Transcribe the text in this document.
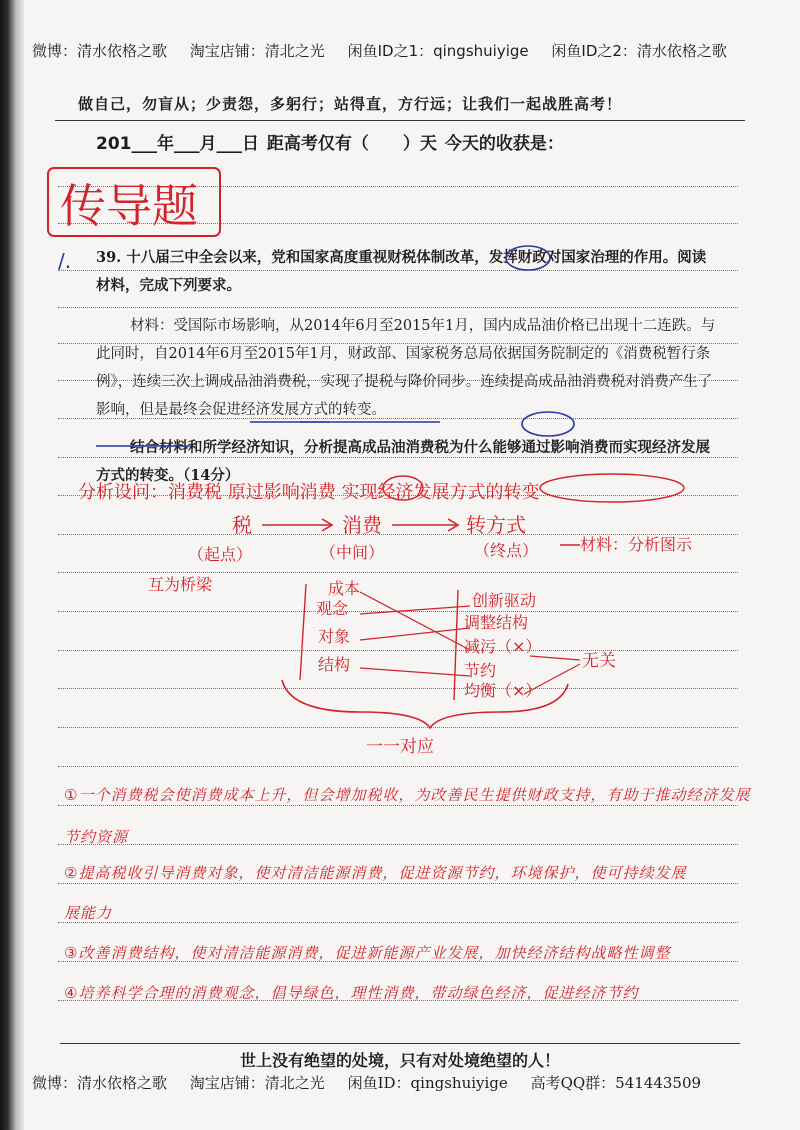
微博：清水依格之歌 淘宝店铺：清北之光 闲鱼ID之1：qingshuiyige 闲鱼ID之2：清水依格之歌
做自己，勿盲从；少责怨，多躬行；站得直，方行远；让我们一起战胜高考！
201___年___月___日 距高考仅有（　　）天 今天的收获是：

39. 十八届三中全会以来，党和国家高度重视财税体制改革，发挥财政对国家治理的作用。阅读材料，完成下列要求。

材料：受国际市场影响，从2014年6月至2015年1月，国内成品油价格已出现十二连跌。与此同时，自2014年6月至2015年1月，财政部、国家税务总局依据国务院制定的《消费税暂行条例》，连续三次上调成品油消费税，实现了提税与降价同步。连续提高成品油消费税对消费产生了影响，但是最终会促进经济发展方式的转变。

结合材料和所学经济知识，分析提高成品油消费税为什么能够通过影响消费而实现经济发展方式的转变。（14分）

传导题
/.
分析设问：消费税 原过影响消费 实现经济发展方式的转变
税	消费	转方式
（起点）	（中间）	（终点）	材料：分析图示
互为桥梁	成本
观念
对象
结构
创新驱动
调整结构
减污（×）
节约
均衡（×）
无关
一一对应
①一个消费税会使消费成本上升，但会增加税收，为改善民生提供财政支持，有助于推动经济发展
节约资源
②提高税收引导消费对象，使对清洁能源消费，促进资源节约，环境保护，使可持续发展
展能力
③改善消费结构，使对清洁能源消费，促进新能源产业发展，加快经济结构战略性调整
④培养科学合理的消费观念，倡导绿色，理性消费，带动绿色经济，促进经济节约
世上没有绝望的处境，只有对处境绝望的人！
微博：清水依格之歌 淘宝店铺：清北之光 闲鱼ID：qingshuiyige 高考QQ群：541443509
